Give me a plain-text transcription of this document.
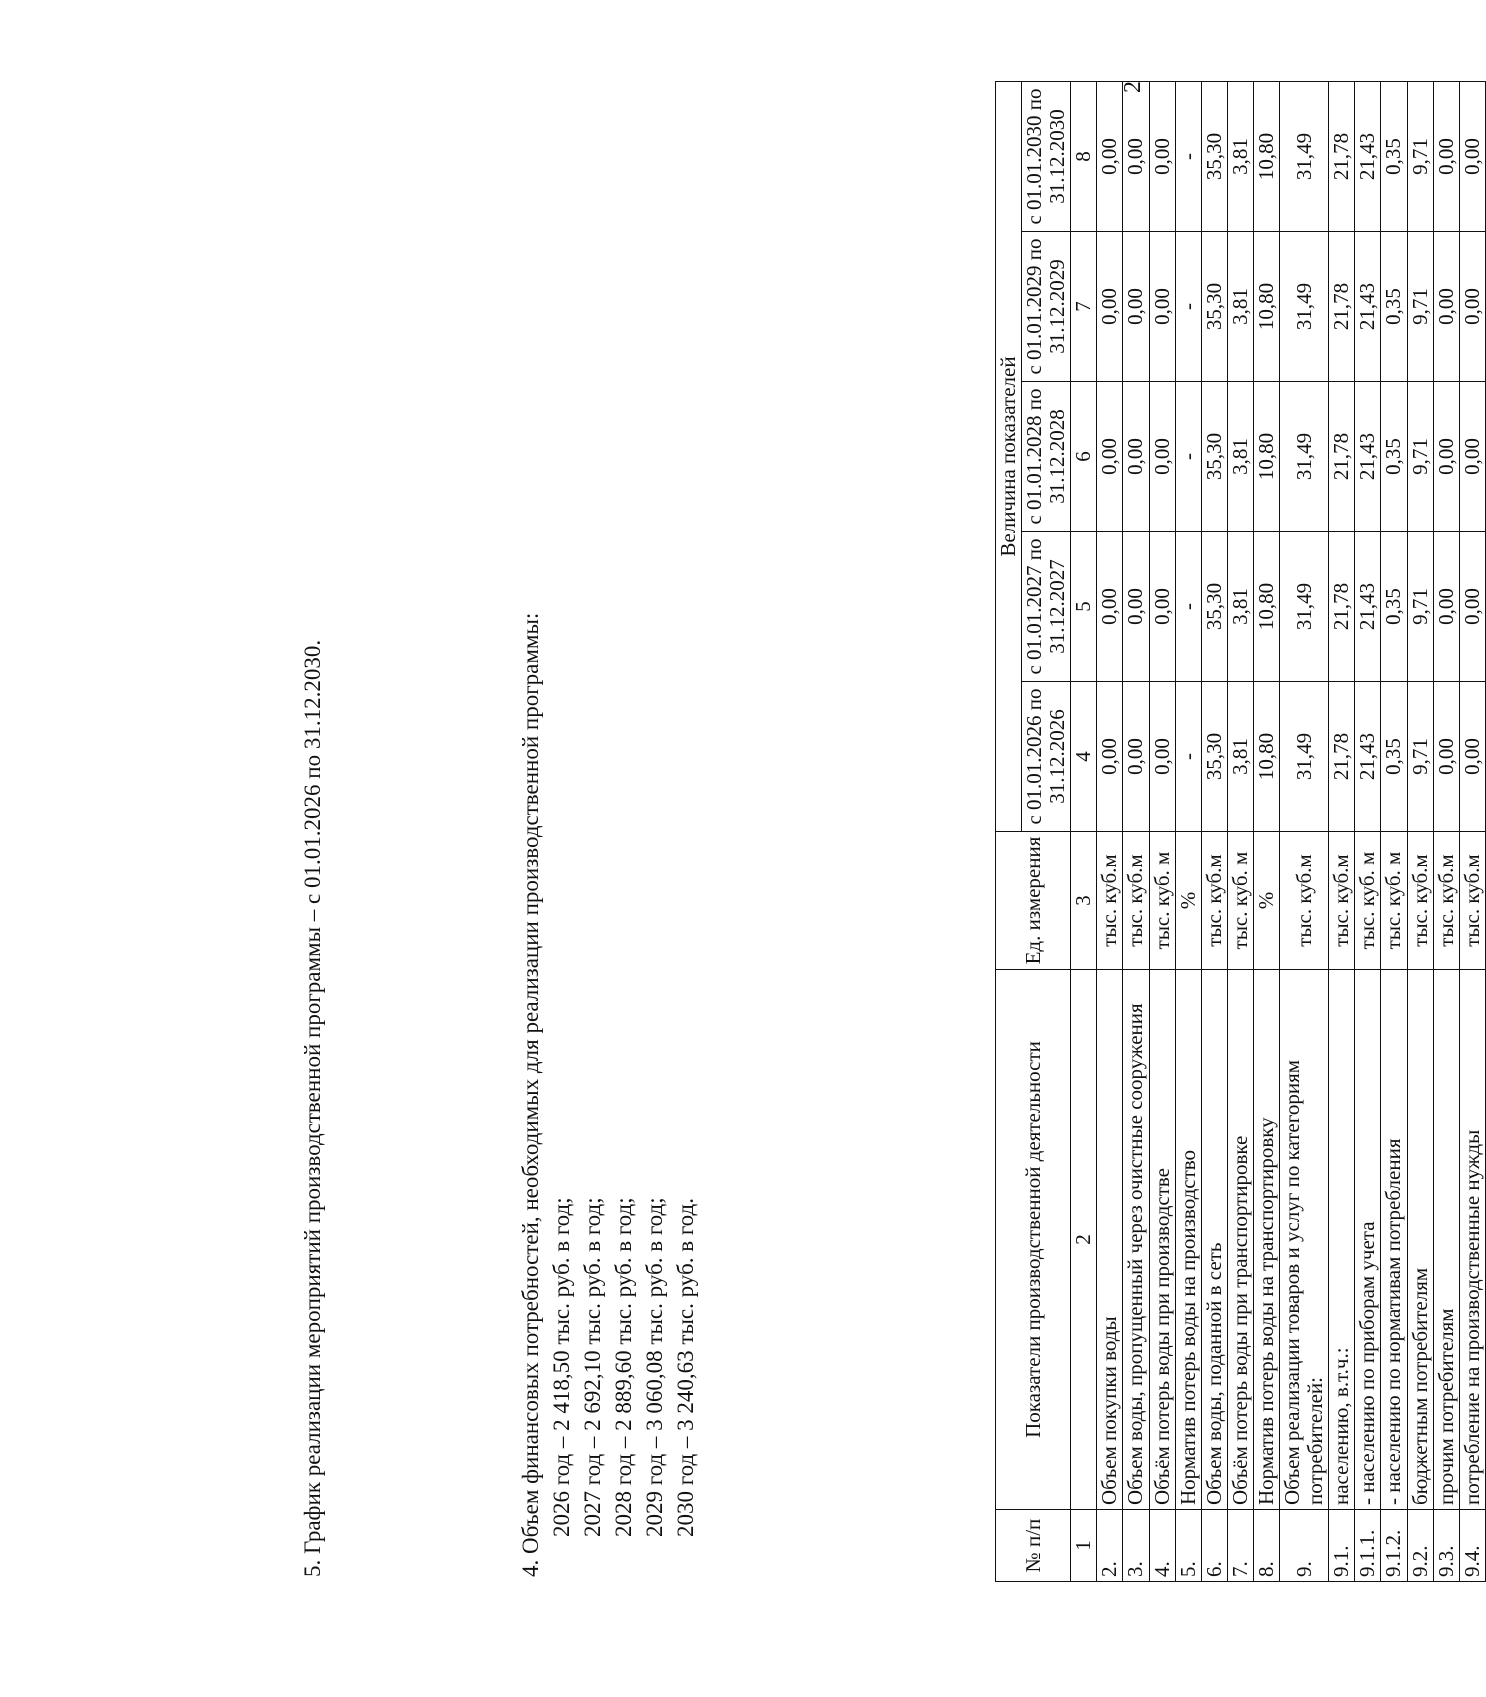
2
№ п/п	Показатели производственной деятельности	Ед. измерения	Величина показателей				
			с 01.01.2026 по 31.12.2026	с 01.01.2027 по 31.12.2027	с 01.01.2028 по 31.12.2028	с 01.01.2029 по 31.12.2029	с 01.01.2030 по 31.12.2030
1	2	3	4	5	6	7	8
2.	Объем покупки воды	тыс. куб.м	0,00	0,00	0,00	0,00	0,00
3.	Объем воды, пропущенный через очистные сооружения	тыс. куб.м	0,00	0,00	0,00	0,00	0,00
4.	Объём потерь воды при производстве	тыс. куб. м	0,00	0,00	0,00	0,00	0,00
5.	Норматив потерь воды на производство	%	-	-	-	-	-
6.	Объем воды, поданной в сеть	тыс. куб.м	35,30	35,30	35,30	35,30	35,30
7.	Объём потерь воды при транспортировке	тыс. куб. м	3,81	3,81	3,81	3,81	3,81
8.	Норматив потерь воды на транспортировку	%	10,80	10,80	10,80	10,80	10,80
9.	Объем реализации товаров и услуг по категориям потребителей:	тыс. куб.м	31,49	31,49	31,49	31,49	31,49
9.1.	населению, в.т.ч.:	тыс. куб.м	21,78	21,78	21,78	21,78	21,78
9.1.1.	- населению по приборам учета	тыс. куб. м	21,43	21,43	21,43	21,43	21,43
9.1.2.	- населению по нормативам потребления	тыс. куб. м	0,35	0,35	0,35	0,35	0,35
9.2.	бюджетным потребителям	тыс. куб.м	9,71	9,71	9,71	9,71	9,71
9.3.	прочим потребителям	тыс. куб.м	0,00	0,00	0,00	0,00	0,00
9.4.	потребление на производственные нужды	тыс. куб.м	0,00	0,00	0,00	0,00	0,00
4. Объем финансовых потребностей, необходимых для реализации производственной программы: 2026 год – 2 418,50 тыс. руб. в год; 2027 год – 2 692,10 тыс. руб. в год; 2028 год – 2 889,60 тыс. руб. в год; 2029 год – 3 060,08 тыс. руб. в год; 2030 год – 3 240,63 тыс. руб. в год.
5. График реализации мероприятий производственной программы – с 01.01.2026 по 31.12.2030.
